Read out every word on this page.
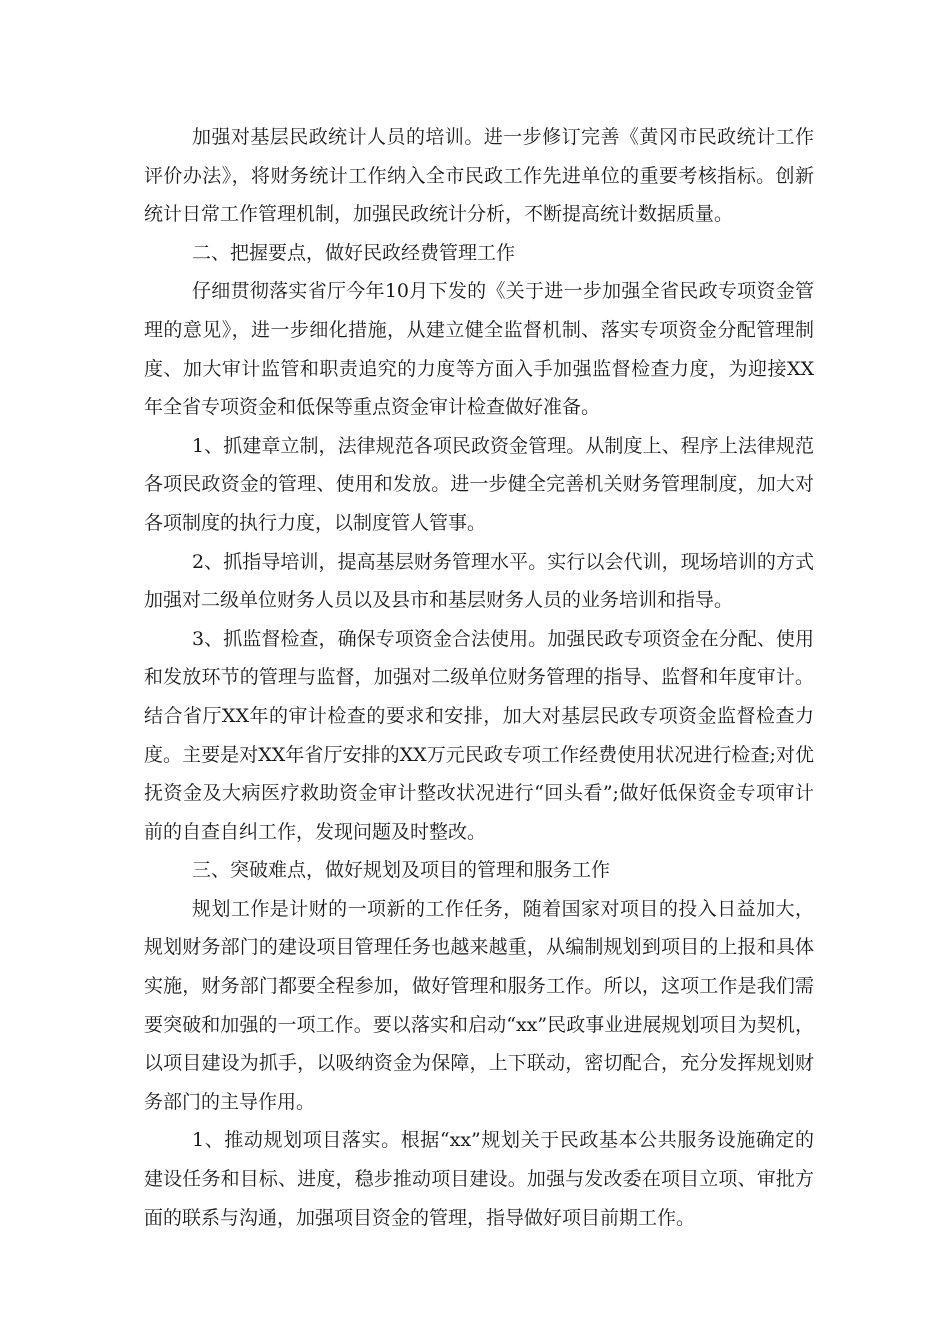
加强对基层民政统计人员的培训。进一步修订完善《黄冈市民政统计工作评价办法》，将财务统计工作纳入全市民政工作先进单位的重要考核指标。创新统计日常工作管理机制，加强民政统计分析，不断提高统计数据质量。

二、把握要点，做好民政经费管理工作

仔细贯彻落实省厅今年10月下发的《关于进一步加强全省民政专项资金管理的意见》，进一步细化措施，从建立健全监督机制、落实专项资金分配管理制度、加大审计监管和职责追究的力度等方面入手加强监督检查力度，为迎接XX年全省专项资金和低保等重点资金审计检查做好准备。

1、抓建章立制，法律规范各项民政资金管理。从制度上、程序上法律规范各项民政资金的管理、使用和发放。进一步健全完善机关财务管理制度，加大对各项制度的执行力度，以制度管人管事。

2、抓指导培训，提高基层财务管理水平。实行以会代训，现场培训的方式加强对二级单位财务人员以及县市和基层财务人员的业务培训和指导。

3、抓监督检查，确保专项资金合法使用。加强民政专项资金在分配、使用和发放环节的管理与监督，加强对二级单位财务管理的指导、监督和年度审计。结合省厅XX年的审计检查的要求和安排，加大对基层民政专项资金监督检查力度。主要是对XX年省厅安排的XX万元民政专项工作经费使用状况进行检查;对优抚资金及大病医疗救助资金审计整改状况进行“回头看”;做好低保资金专项审计前的自查自纠工作，发现问题及时整改。

三、突破难点，做好规划及项目的管理和服务工作

规划工作是计财的一项新的工作任务，随着国家对项目的投入日益加大，规划财务部门的建设项目管理任务也越来越重，从编制规划到项目的上报和具体实施，财务部门都要全程参加，做好管理和服务工作。所以，这项工作是我们需要突破和加强的一项工作。要以落实和启动“xx”民政事业进展规划项目为契机，以项目建设为抓手，以吸纳资金为保障，上下联动，密切配合，充分发挥规划财务部门的主导作用。

1、推动规划项目落实。根据“xx”规划关于民政基本公共服务设施确定的建设任务和目标、进度，稳步推动项目建设。加强与发改委在项目立项、审批方面的联系与沟通，加强项目资金的管理，指导做好项目前期工作。
